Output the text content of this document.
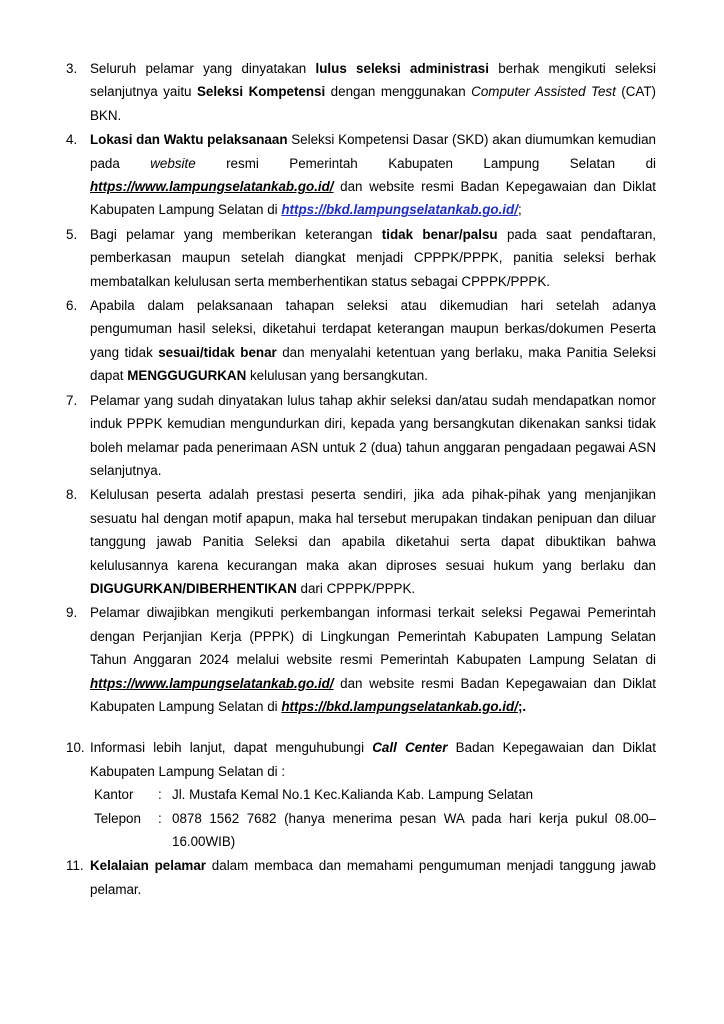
3. Seluruh pelamar yang dinyatakan lulus seleksi administrasi berhak mengikuti seleksi selanjutnya yaitu Seleksi Kompetensi dengan menggunakan Computer Assisted Test (CAT) BKN.
4. Lokasi dan Waktu pelaksanaan Seleksi Kompetensi Dasar (SKD) akan diumumkan kemudian pada website resmi Pemerintah Kabupaten Lampung Selatan di https://www.lampungselatankab.go.id/ dan website resmi Badan Kepegawaian dan Diklat Kabupaten Lampung Selatan di https://bkd.lampungselatankab.go.id/;
5. Bagi pelamar yang memberikan keterangan tidak benar/palsu pada saat pendaftaran, pemberkasan maupun setelah diangkat menjadi CPPPK/PPPK, panitia seleksi berhak membatalkan kelulusan serta memberhentikan status sebagai CPPPK/PPPK.
6. Apabila dalam pelaksanaan tahapan seleksi atau dikemudian hari setelah adanya pengumuman hasil seleksi, diketahui terdapat keterangan maupun berkas/dokumen Peserta yang tidak sesuai/tidak benar dan menyalahi ketentuan yang berlaku, maka Panitia Seleksi dapat MENGGUGURKAN kelulusan yang bersangkutan.
7. Pelamar yang sudah dinyatakan lulus tahap akhir seleksi dan/atau sudah mendapatkan nomor induk PPPK kemudian mengundurkan diri, kepada yang bersangkutan dikenakan sanksi tidak boleh melamar pada penerimaan ASN untuk 2 (dua) tahun anggaran pengadaan pegawai ASN selanjutnya.
8. Kelulusan peserta adalah prestasi peserta sendiri, jika ada pihak-pihak yang menjanjikan sesuatu hal dengan motif apapun, maka hal tersebut merupakan tindakan penipuan dan diluar tanggung jawab Panitia Seleksi dan apabila diketahui serta dapat dibuktikan bahwa kelulusannya karena kecurangan maka akan diproses sesuai hukum yang berlaku dan DIGUGURKAN/DIBERHENTIKAN dari CPPPK/PPPK.
9. Pelamar diwajibkan mengikuti perkembangan informasi terkait seleksi Pegawai Pemerintah dengan Perjanjian Kerja (PPPK) di Lingkungan Pemerintah Kabupaten Lampung Selatan Tahun Anggaran 2024 melalui website resmi Pemerintah Kabupaten Lampung Selatan di https://www.lampungselatankab.go.id/ dan website resmi Badan Kepegawaian dan Diklat Kabupaten Lampung Selatan di https://bkd.lampungselatankab.go.id/;.
10. Informasi lebih lanjut, dapat menguhubungi Call Center Badan Kepegawaian dan Diklat Kabupaten Lampung Selatan di :
Kantor	: Jl. Mustafa Kemal No.1 Kec.Kalianda Kab. Lampung Selatan
Telepon	: 0878 1562 7682 (hanya menerima pesan WA pada hari kerja pukul 08.00–16.00WIB)
11. Kelalaian pelamar dalam membaca dan memahami pengumuman menjadi tanggung jawab pelamar.
